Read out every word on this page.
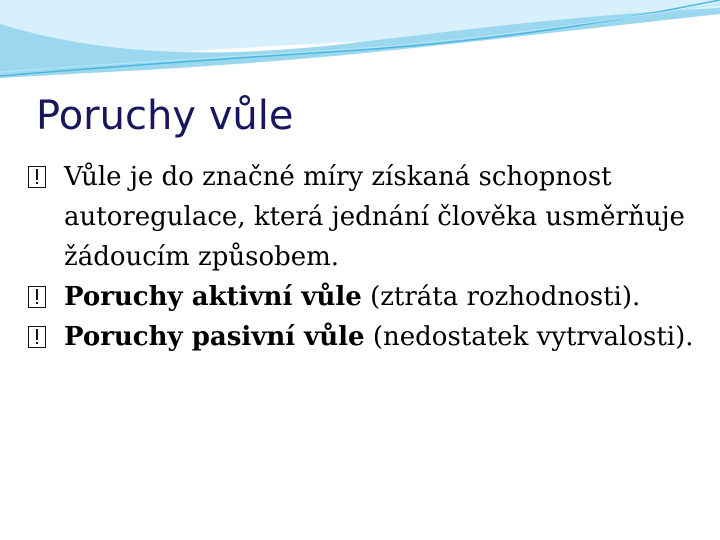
Poruchy vůle
Vůle je do značné míry získaná schopnost autoregulace, která jednání člověka usměrňuje žádoucím způsobem.
Poruchy aktivní vůle (ztráta rozhodnosti).
Poruchy pasivní vůle (nedostatek vytrvalosti).
